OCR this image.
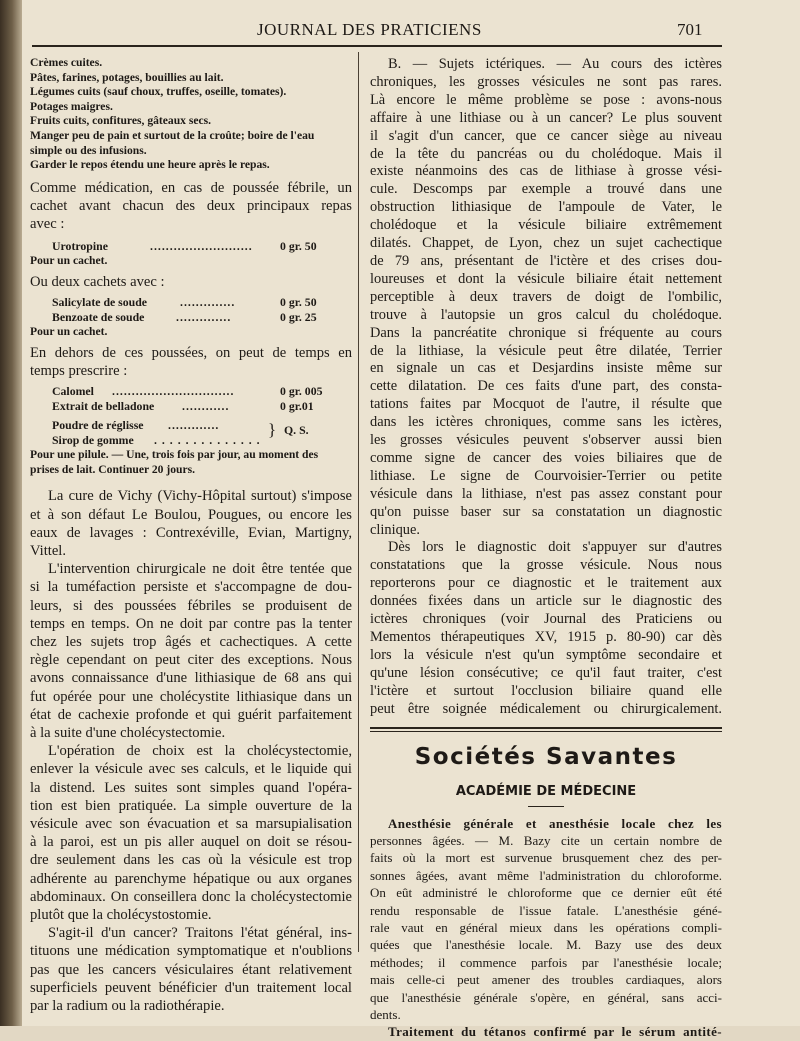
JOURNAL DES PRATICIENS	701
Crèmes cuites.
Pâtes, farines, potages, bouillies au lait.
Légumes cuits (sauf choux, truffes, oseille, tomates).
Potages maigres.
Fruits cuits, confitures, gâteaux secs.
Manger peu de pain et surtout de la croûte; boire de l'eau
simple ou des infusions.
Garder le repos étendu une heure après le repas.
Comme médication, en cas de poussée fébrile, un
cachet avant chacun des deux principaux repas
avec :
Urotropine	.......................... 0 gr. 50
Pour un cachet.
Ou deux cachets avec :
Salicylate de soude	..............	0 gr. 50
Benzoate de soude	..............	0 gr. 25
Pour un cachet.
En dehors de ces poussées, on peut de temps en
temps prescrire :
Calomel ...............................	0 gr. 005
Extrait de belladone ............	0 gr.01
Poudre de réglisse .............	} Q. S.
Sirop de gomme . . . . . . . . . . . . . .
Pour une pilule. — Une, trois fois par jour, au moment des
prises de lait. Continuer 20 jours.
La cure de Vichy (Vichy-Hôpital surtout) s'impose
et à son défaut Le Boulou, Pougues, ou encore les
eaux de lavages : Contrexéville, Evian, Martigny,
Vittel.
L'intervention chirurgicale ne doit être tentée que
si la tuméfaction persiste et s'accompagne de dou-
leurs, si des poussées fébriles se produisent de
temps en temps. On ne doit par contre pas la tenter
chez les sujets trop âgés et cachectiques. A cette
règle cependant on peut citer des exceptions. Nous
avons connaissance d'une lithiasique de 68 ans qui
fut opérée pour une cholécystite lithiasique dans un
état de cachexie profonde et qui guérit parfaitement
à la suite d'une cholécystectomie.
L'opération de choix est la cholécystectomie,
enlever la vésicule avec ses calculs, et le liquide qui
la distend. Les suites sont simples quand l'opéra-
tion est bien pratiquée. La simple ouverture de la
vésicule avec son évacuation et sa marsupialisation
à la paroi, est un pis aller auquel on doit se résou-
dre seulement dans les cas où la vésicule est trop
adhérente au parenchyme hépatique ou aux organes
abdominaux. On conseillera donc la cholécystectomie
plutôt que la cholécystostomie.
S'agit-il d'un cancer? Traitons l'état général, ins-
tituons une médication symptomatique et n'oublions
pas que les cancers vésiculaires étant relativement
superficiels peuvent bénéficier d'un traitement local
par la radium ou la radiothérapie.
B. — Sujets ictériques. — Au cours des ictères
chroniques, les grosses vésicules ne sont pas rares.
Là encore le même problème se pose : avons-nous
affaire à une lithiase ou à un cancer? Le plus souvent
il s'agit d'un cancer, que ce cancer siège au niveau
de la tête du pancréas ou du cholédoque. Mais il
existe néanmoins des cas de lithiase à grosse vési-
cule. Descomps par exemple a trouvé dans une
obstruction lithiasique de l'ampoule de Vater, le
cholédoque et la vésicule biliaire extrêmement
dilatés. Chappet, de Lyon, chez un sujet cachectique
de 79 ans, présentant de l'ictère et des crises dou-
loureuses et dont la vésicule biliaire était nettement
perceptible à deux travers de doigt de l'ombilic,
trouve à l'autopsie un gros calcul du cholédoque.
Dans la pancréatite chronique si fréquente au cours
de la lithiase, la vésicule peut être dilatée, Terrier
en signale un cas et Desjardins insiste même sur
cette dilatation. De ces faits d'une part, des consta-
tations faites par Mocquot de l'autre, il résulte que
dans les ictères chroniques, comme sans les ictères,
les grosses vésicules peuvent s'observer aussi bien
comme signe de cancer des voies biliaires que de
lithiase. Le signe de Courvoisier-Terrier ou petite
vésicule dans la lithiase, n'est pas assez constant pour
qu'on puisse baser sur sa constatation un diagnostic
clinique.
Dès lors le diagnostic doit s'appuyer sur d'autres
constatations que la grosse vésicule. Nous nous
reporterons pour ce diagnostic et le traitement aux
données fixées dans un article sur le diagnostic des
ictères chroniques (voir Journal des Praticiens ou
Mementos thérapeutiques XV, 1915 p. 80-90) car dès
lors la vésicule n'est qu'un symptôme secondaire et
qu'une lésion consécutive; ce qu'il faut traiter, c'est
l'ictère et surtout l'occlusion biliaire quand elle
peut être soignée médicalement ou chirurgicalement.
Sociétés Savantes
ACADÉMIE DE MÉDECINE
Anesthésie générale et anesthésie locale chez les
personnes âgées. — M. Bazy cite un certain nombre de
faits où la mort est survenue brusquement chez des per-
sonnes âgées, avant même l'administration du chloroforme.
On eût administré le chloroforme que ce dernier eût été
rendu responsable de l'issue fatale. L'anesthésie géné-
rale vaut en général mieux dans les opérations compli-
quées que l'anesthésie locale. M. Bazy use des deux
méthodes; il commence parfois par l'anesthésie locale;
mais celle-ci peut amener des troubles cardiaques, alors
que l'anesthésie générale s'opère, en général, sans acci-
dents.
Traitement du tétanos confirmé par le sérum antité-
